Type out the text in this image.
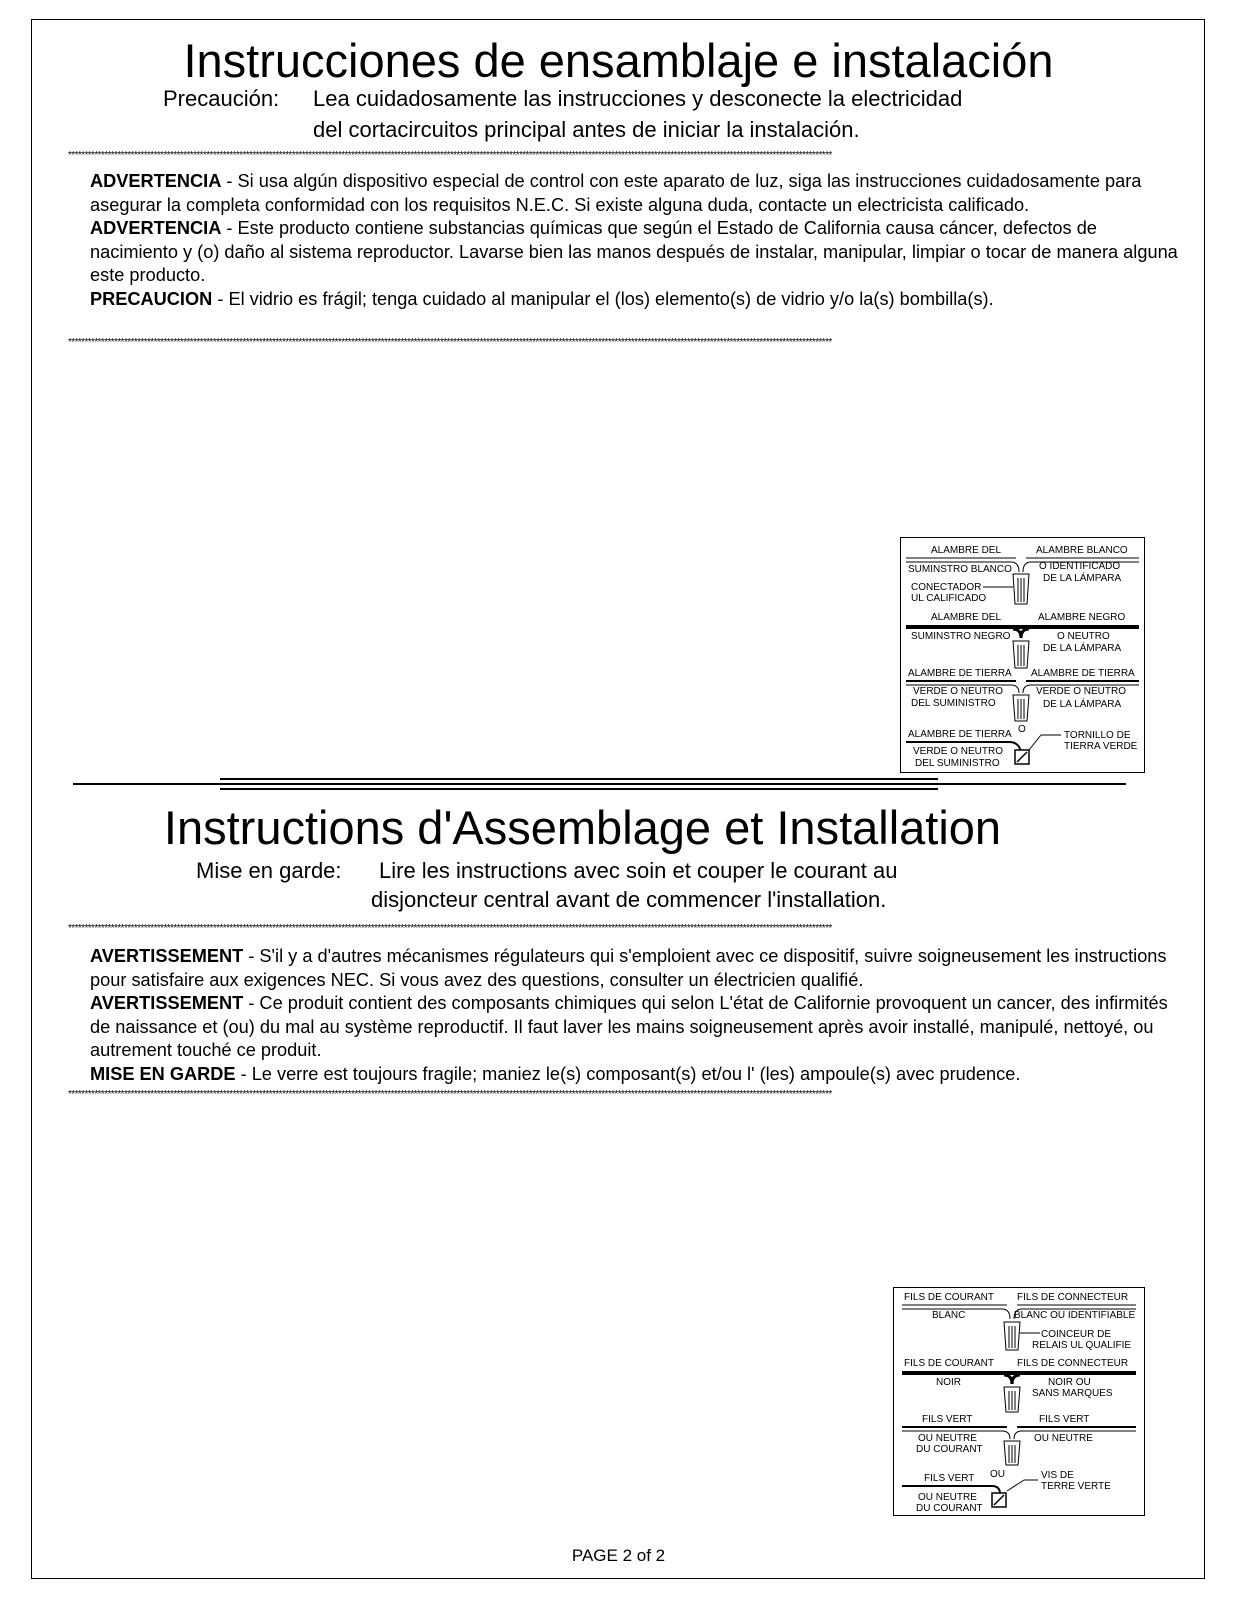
Instrucciones de ensamblaje e instalación
Precaución: Lea cuidadosamente las instrucciones y desconecte la electricidad
del cortacircuitos principal antes de iniciar la instalación.
****************************************************************************************************************************************************************************************************************************************

ADVERTENCIA - Si usa algún dispositivo especial de control con este aparato de luz, siga las instrucciones cuidadosamente para asegurar la completa conformidad con los requisitos N.E.C. Si existe alguna duda, contacte un electricista calificado.

ADVERTENCIA - Este producto contiene substancias químicas que según el Estado de California causa cáncer, defectos de nacimiento y (o) daño al sistema reproductor. Lavarse bien las manos después de instalar, manipular, limpiar o tocar de manera alguna este producto.

PRECAUCION - El vidrio es frágil; tenga cuidado al manipular el (los) elemento(s) de vidrio y/o la(s) bombilla(s).

****************************************************************************************************************************************************************************************************************************************
ALAMBRE DEL	ALAMBRE BLANCO
SUMINSTRO BLANCO	O IDENTIFICADO
DE LA LÁMPARA
CONECTADOR
UL CALIFICADO
ALAMBRE DEL	ALAMBRE NEGRO
SUMINSTRO NEGRO	O NEUTRO
DE LA LÁMPARA
ALAMBRE DE TIERRA ALAMBRE DE TIERRA
VERDE O NEUTRO	VERDE O NEUTRO
DEL SUMINISTRO	DE LA LÁMPARA
O
ALAMBRE DE TIERRA
VERDE O NEUTRO
DEL SUMINISTRO
TORNILLO DE
TIERRA VERDE
Instructions d'Assemblage et Installation
Mise en garde: Lire les instructions avec soin et couper le courant au
disjoncteur central avant de commencer l'installation.
****************************************************************************************************************************************************************************************************************************************

AVERTISSEMENT - S'il y a d'autres mécanismes régulateurs qui s'emploient avec ce dispositif, suivre soigneusement les instructions pour satisfaire aux exigences NEC. Si vous avez des questions, consulter un électricien qualifié.

AVERTISSEMENT - Ce produit contient des composants chimiques qui selon L'état de Californie provoquent un cancer, des infirmités de naissance et (ou) du mal au système reproductif. Il faut laver les mains soigneusement après avoir installé, manipulé, nettoyé, ou autrement touché ce produit.

MISE EN GARDE - Le verre est toujours fragile; maniez le(s) composant(s) et/ou l' (les) ampoule(s) avec prudence.

****************************************************************************************************************************************************************************************************************************************
FILS DE COURANT FILS DE CONNECTEUR
BLANC	BLANC OU IDENTIFIABLE
COINCEUR DE
RELAIS UL QUALIFIE
FILS DE COURANT FILS DE CONNECTEUR
NOIR	NOIR OU
SANS MARQUES
FILS VERT	FILS VERT
OU NEUTRE	OU NEUTRE
DU COURANT
OU
FILS VERT	VIS DE
TERRE VERTE
OU NEUTRE
DU COURANT
PAGE 2 of 2
